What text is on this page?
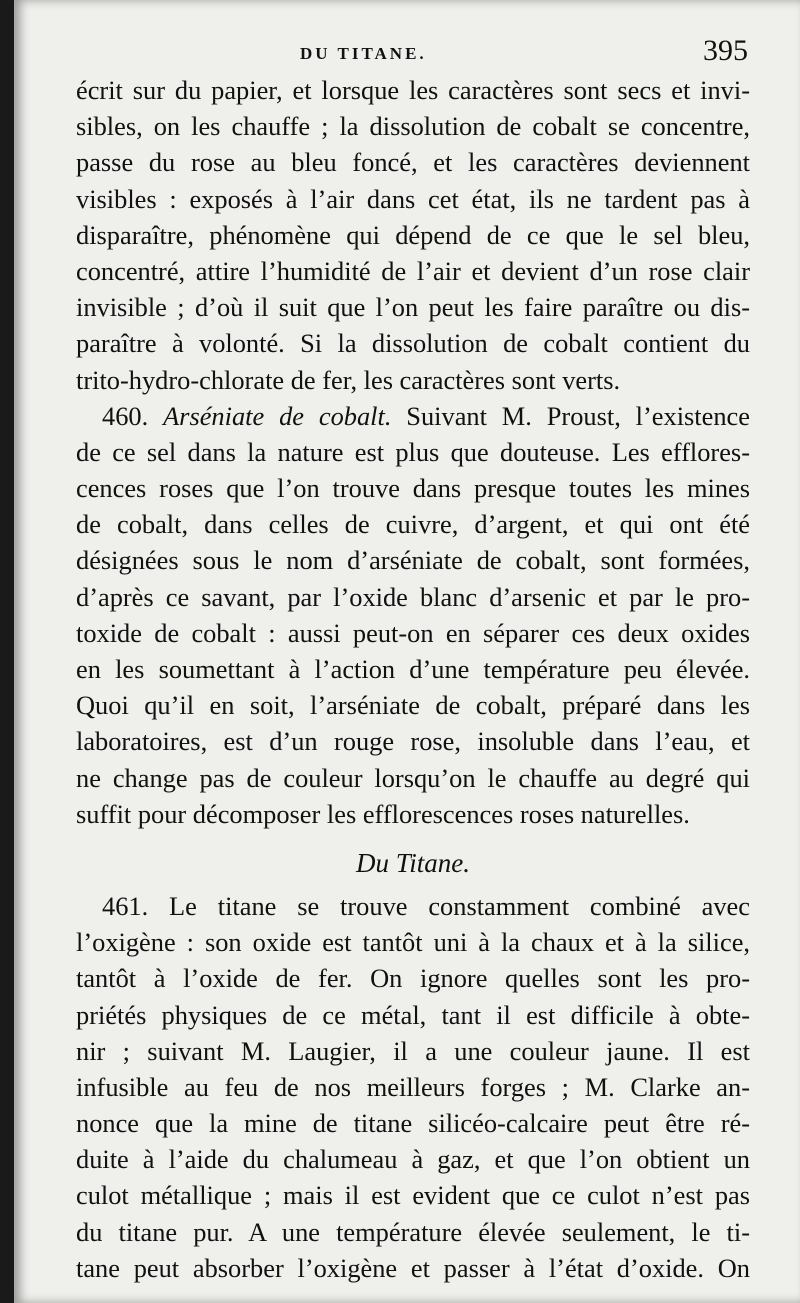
DU TITANE.	395
écrit sur du papier, et lorsque les caractères sont secs et invi-
sibles, on les chauffe ; la dissolution de cobalt se concentre,
passe du rose au bleu foncé, et les caractères deviennent
visibles : exposés à l’air dans cet état, ils ne tardent pas à
disparaître, phénomène qui dépend de ce que le sel bleu,
concentré, attire l’humidité de l’air et devient d’un rose clair
invisible ; d’où il suit que l’on peut les faire paraître ou dis-
paraître à volonté. Si la dissolution de cobalt contient du
trito-hydro-chlorate de fer, les caractères sont verts.
460. Arséniate de cobalt. Suivant M. Proust, l’existence
de ce sel dans la nature est plus que douteuse. Les efflores-
cences roses que l’on trouve dans presque toutes les mines
de cobalt, dans celles de cuivre, d’argent, et qui ont été
désignées sous le nom d’arséniate de cobalt, sont formées,
d’après ce savant, par l’oxide blanc d’arsenic et par le pro-
toxide de cobalt : aussi peut-on en séparer ces deux oxides
en les soumettant à l’action d’une température peu élevée.
Quoi qu’il en soit, l’arséniate de cobalt, préparé dans les
laboratoires, est d’un rouge rose, insoluble dans l’eau, et
ne change pas de couleur lorsqu’on le chauffe au degré qui
suffit pour décomposer les efflorescences roses naturelles.
Du Titane.
461. Le titane se trouve constamment combiné avec
l’oxigène : son oxide est tantôt uni à la chaux et à la silice,
tantôt à l’oxide de fer. On ignore quelles sont les pro-
priétés physiques de ce métal, tant il est difficile à obte-
nir ; suivant M. Laugier, il a une couleur jaune. Il est
infusible au feu de nos meilleurs forges ; M. Clarke an-
nonce que la mine de titane silicéo-calcaire peut être ré-
duite à l’aide du chalumeau à gaz, et que l’on obtient un
culot métallique ; mais il est evident que ce culot n’est pas
du titane pur. A une température élevée seulement, le ti-
tane peut absorber l’oxigène et passer à l’état d’oxide. On
